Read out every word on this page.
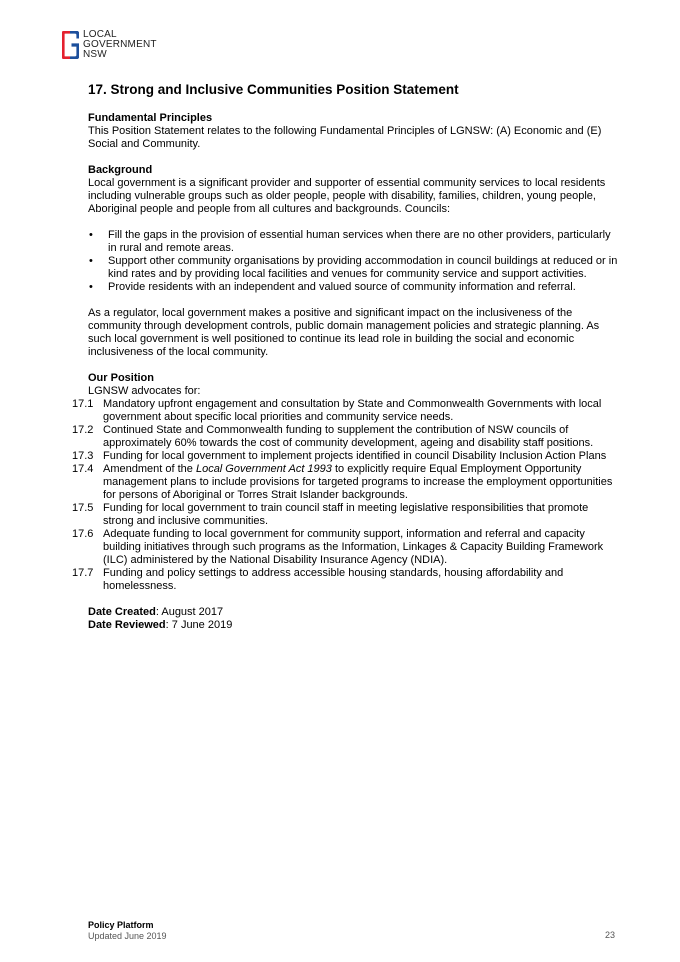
LOCAL
GOVERNMENT
NSW
17. Strong and Inclusive Communities Position Statement

Fundamental Principles

This Position Statement relates to the following Fundamental Principles of LGNSW: (A) Economic and (E) Social and Community.

Background

Local government is a significant provider and supporter of essential community services to local residents including vulnerable groups such as older people, people with disability, families, children, young people, Aboriginal people and people from all cultures and backgrounds. Councils:

• Fill the gaps in the provision of essential human services when there are no other providers, particularly in rural and remote areas.
• Support other community organisations by providing accommodation in council buildings at reduced or in kind rates and by providing local facilities and venues for community service and support activities.
• Provide residents with an independent and valued source of community information and referral.

As a regulator, local government makes a positive and significant impact on the inclusiveness of the community through development controls, public domain management policies and strategic planning. As such local government is well positioned to continue its lead role in building the social and economic inclusiveness of the local community.

Our Position

LGNSW advocates for:

17.1 Mandatory upfront engagement and consultation by State and Commonwealth Governments with local government about specific local priorities and community service needs.
17.2 Continued State and Commonwealth funding to supplement the contribution of NSW councils of approximately 60% towards the cost of community development, ageing and disability staff positions.
17.3 Funding for local government to implement projects identified in council Disability Inclusion Action Plans
17.4 Amendment of the Local Government Act 1993 to explicitly require Equal Employment Opportunity management plans to include provisions for targeted programs to increase the employment opportunities for persons of Aboriginal or Torres Strait Islander backgrounds.
17.5 Funding for local government to train council staff in meeting legislative responsibilities that promote strong and inclusive communities.
17.6 Adequate funding to local government for community support, information and referral and capacity building initiatives through such programs as the Information, Linkages & Capacity Building Framework (ILC) administered by the National Disability Insurance Agency (NDIA).
17.7 Funding and policy settings to address accessible housing standards, housing affordability and homelessness.

Date Created: August 2017

Date Reviewed: 7 June 2019

Policy Platform
Updated June 2019	23
